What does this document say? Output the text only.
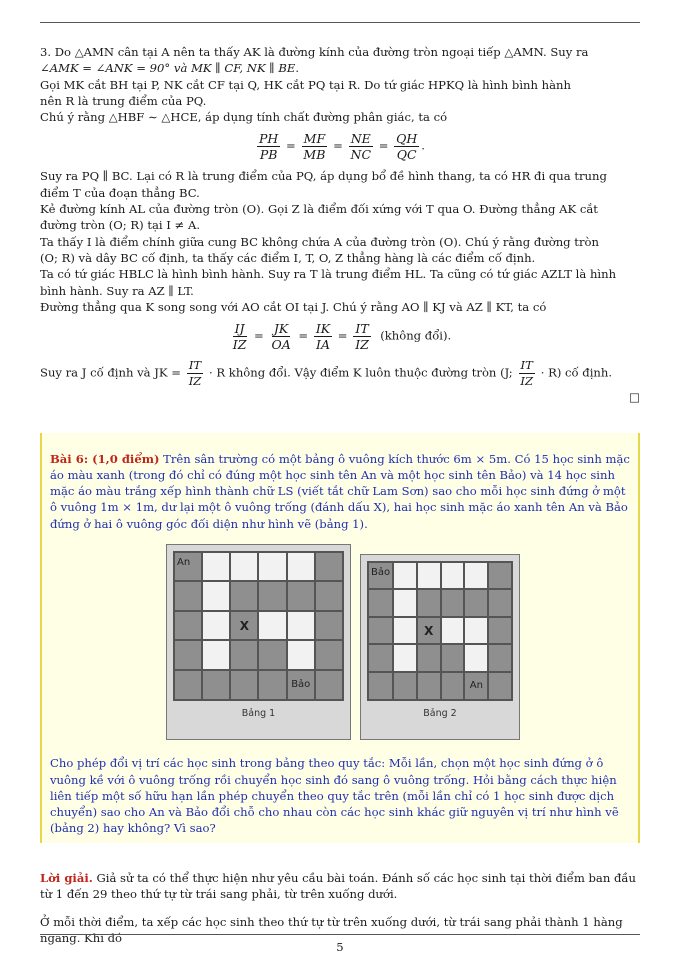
3. Do △AMN cân tại A nên ta thấy AK là đường kính của đường tròn ngoại tiếp △AMN. Suy ra

∠AMK = ∠ANK = 90° và MK ∥ CF, NK ∥ BE.

Gọi MK cắt BH tại P, NK cắt CF tại Q, HK cắt PQ tại R. Do tứ giác HPKQ là hình bình hành

nên R là trung điểm của PQ.

Chú ý rằng △HBF ∼ △HCE, áp dụng tính chất đường phân giác, ta có

$\frac{PH}{PB} = \frac{MF}{MB} = \frac{NE}{NC} = \frac{QH}{QC}$ .

Suy ra PQ ∥ BC. Lại có R là trung điểm của PQ, áp dụng bổ đề hình thang, ta có HR đi qua trung

điểm T của đoạn thẳng BC.

Kẻ đường kính AL của đường tròn (O). Gọi Z là điểm đối xứng với T qua O. Đường thẳng AK cắt

đường tròn (O; R) tại I ≠ A.

Ta thấy I là điểm chính giữa cung BC không chứa A của đường tròn (O). Chú ý rằng đường tròn

(O; R) và dây BC cố định, ta thấy các điểm I, T, O, Z thẳng hàng là các điểm cố định.

Ta có tứ giác HBLC là hình bình hành. Suy ra T là trung điểm HL. Ta cũng có tứ giác AZLT là hình

bình hành. Suy ra AZ ∥ LT.

Đường thẳng qua K song song với AO cắt OI tại J. Chú ý rằng AO ∥ KJ và AZ ∥ KT, ta có

$\frac{IJ}{IZ} = \frac{JK}{OA} = \frac{IK}{IA} = \frac{IT}{IZ}$ (không đổi).

Suy ra J cố định và JK = $\frac{IT}{IZ} \cdot R$ không đổi. Vậy điểm K luôn thuộc đường tròn (J; $\frac{IT}{IZ} \cdot R$) cố định.

□

Bài 6: (1,0 điểm) Trên sân trường có một bảng ô vuông kích thước 6m × 5m. Có 15 học sinh mặc áo màu xanh (trong đó chỉ có đúng một học sinh tên An và một học sinh tên Bảo) và 14 học sinh mặc áo màu trắng xếp hình thành chữ LS (viết tắt chữ Lam Sơn) sao cho mỗi học sinh đứng ở một ô vuông 1m × 1m, dư lại một ô vuông trống (đánh dấu X), hai học sinh mặc áo xanh tên An và Bảo đứng ở hai ô vuông góc đối diện như hình vẽ (bảng 1).

An
X
Bảo
Bảng 1
Bảo
X
An
Bảng 2

Cho phép đổi vị trí các học sinh trong bảng theo quy tắc: Mỗi lần, chọn một học sinh đứng ở ô vuông kề với ô vuông trống rồi chuyển học sinh đó sang ô vuông trống. Hỏi bằng cách thực hiện liên tiếp một số hữu hạn lần phép chuyển theo quy tắc trên (mỗi lần chỉ có 1 học sinh được dịch chuyển) sao cho An và Bảo đổi chỗ cho nhau còn các học sinh khác giữ nguyên vị trí như hình vẽ (bảng 2) hay không? Vì sao?

Lời giải. Giả sử ta có thể thực hiện như yêu cầu bài toán. Đánh số các học sinh tại thời điểm ban đầu từ 1 đến 29 theo thứ tự từ trái sang phải, từ trên xuống dưới.

Ở mỗi thời điểm, ta xếp các học sinh theo thứ tự từ trên xuống dưới, từ trái sang phải thành 1 hàng ngang. Khi đó

5
